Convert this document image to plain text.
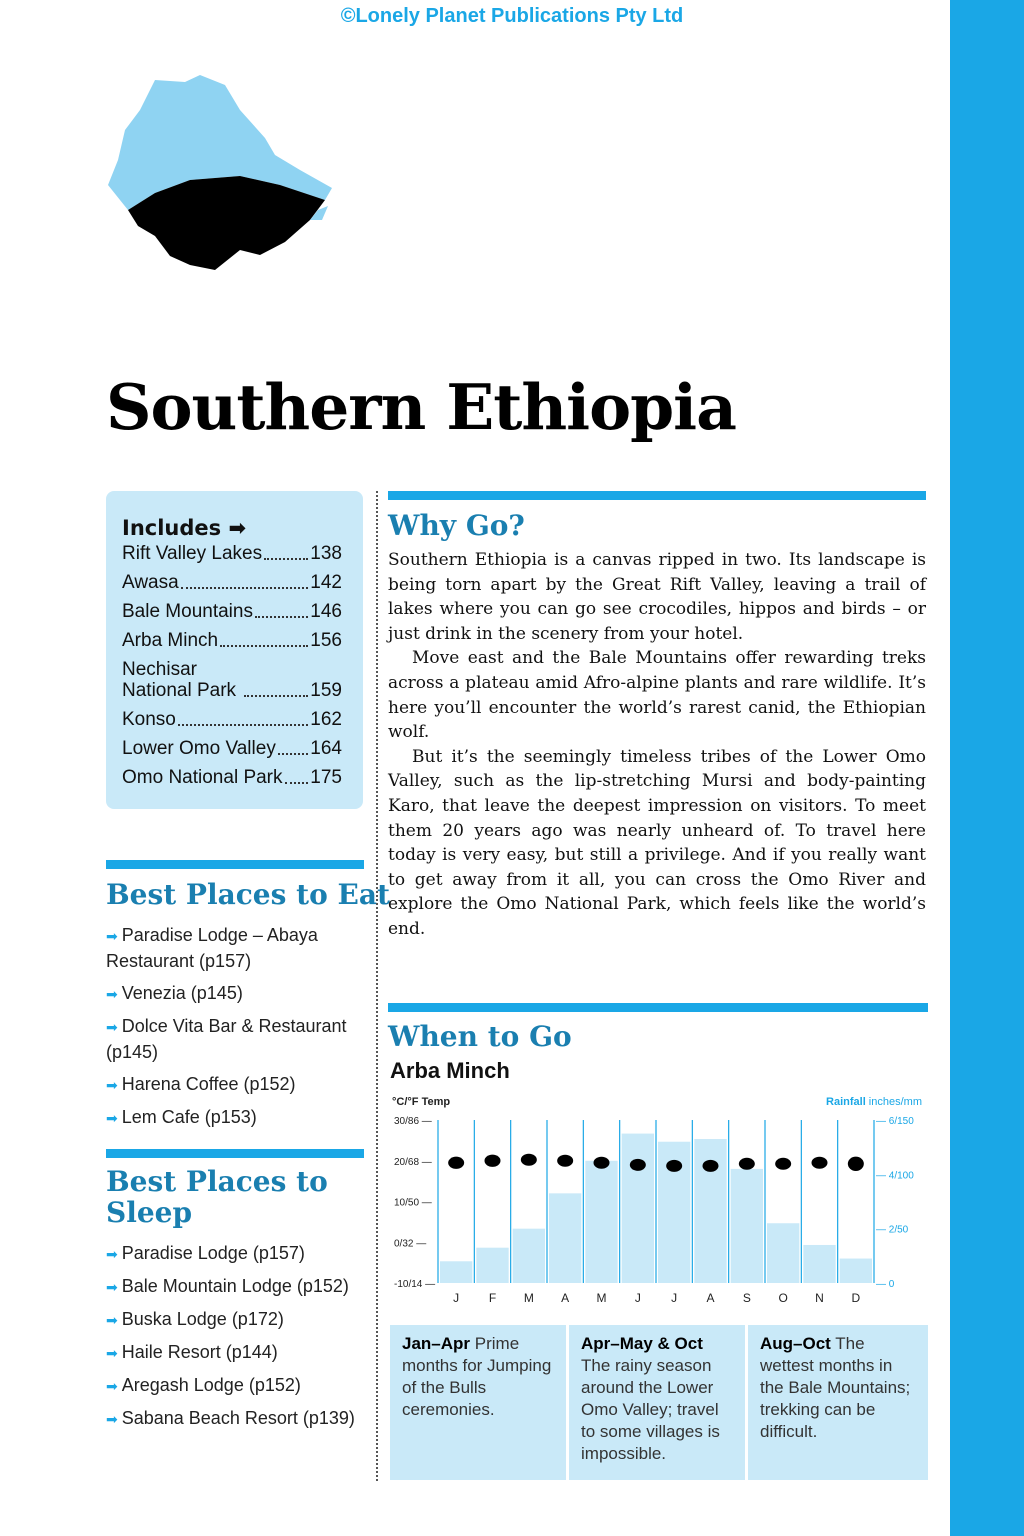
©Lonely Planet Publications Pty Ltd
Southern Ethiopia
Includes ➡
Rift Valley Lakes	138
Awasa	142
Bale Mountains	146
Arba Minch	156
Nechisar National Park	159
Konso	162
Lower Omo Valley 164
Omo National Park 175
Best Places to Eat
➡ Paradise Lodge – Abaya Restaurant (p157)
➡ Venezia (p145)
➡ Dolce Vita Bar & Restaurant (p145)
➡ Harena Coffee (p152)
➡ Lem Cafe (p153)
Best Places to
Sleep
➡ Paradise Lodge (p157)
➡ Bale Mountain Lodge (p152)
➡ Buska Lodge (p172)
➡ Haile Resort (p144)
➡ Aregash Lodge (p152)
➡ Sabana Beach Resort (p139)
Why Go?

Southern Ethiopia is a canvas ripped in two. Its landscape is being torn apart by the Great Rift Valley, leaving a trail of lakes where you can go see crocodiles, hippos and birds – or just drink in the scenery from your hotel.

Move east and the Bale Mountains offer rewarding treks across a plateau amid Afro-alpine plants and rare wildlife. It’s here you’ll encounter the world’s rarest canid, the Ethiopian wolf.

But it’s the seemingly timeless tribes of the Lower Omo Valley, such as the lip-stretching Mursi and body-painting Karo, that leave the deepest impression on visitors. To meet them 20 years ago was nearly unheard of. To travel here today is very easy, but still a privilege. And if you really want to get away from it all, you can cross the Omo River and explore the Omo National Park, which feels like the world’s end.

When to Go
Arba Minch
°C/°F Temp	Rainfall inches/mm
30/86 —
20/68 —
10/50 —
0/32 —
-10/14 —
— 6/150
— 4/100
— 2/50
— 0
J F M A M J	J A S O N D
Jan–Apr Prime months for Jumping of the Bulls ceremonies.
Apr–May & Oct The rainy season around the Lower Omo Valley; travel to some villages is impossible.
Aug–Oct The wettest months in the Bale Mountains; trekking can be difficult.
